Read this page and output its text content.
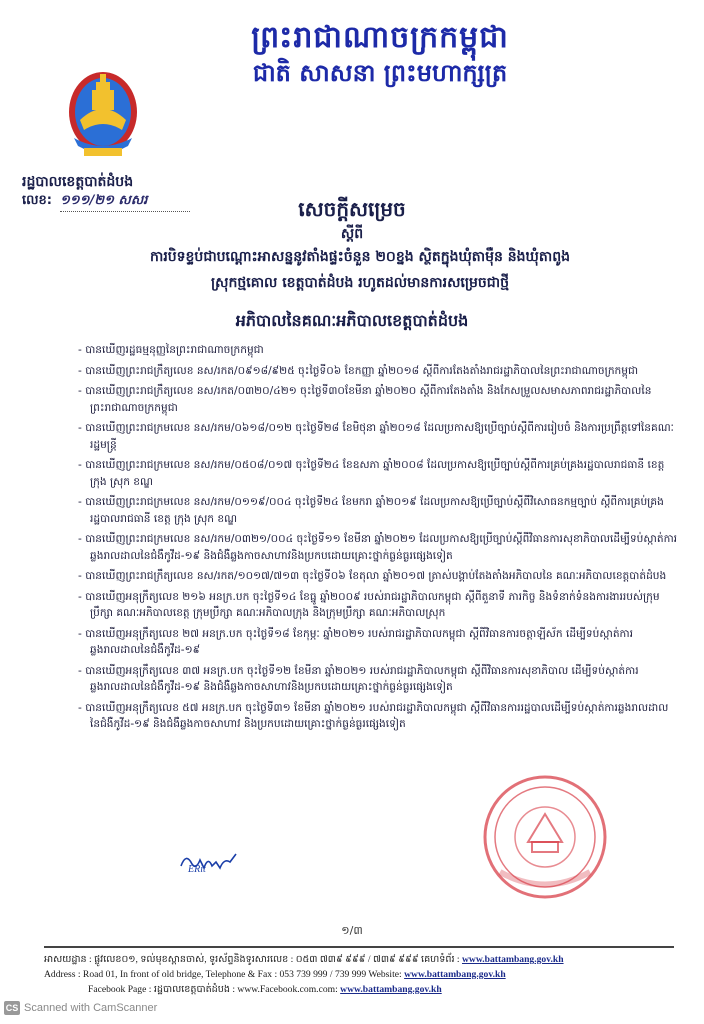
ព្រះរាជាណាចក្រកម្ពុជា
ជាតិ សាសនា ព្រះមហាក្សត្រ
រដ្ឋបាលខេត្តបាត់ដំបង
លេខ: ១១១/២១ សសរ	សេចក្តីសម្រេច
ស្តីពី
ការបិទខ្ទប់ជាបណ្ដោះអាសន្ននូវតាំងផ្ទះចំនួន ២០ខ្នង ស្ថិតក្នុងឃុំតាម៉ឺន និងឃុំតាពូង
ស្រុកថ្មគោល ខេត្តបាត់ដំបង រហូតដល់មានការសម្រេចជាថ្មី
អភិបាលនៃគណៈអភិបាលខេត្តបាត់ដំបង
- បានឃើញរដ្ឋធម្មនុញ្ញនៃព្រះរាជាណាចក្រកម្ពុជា
- បានឃើញព្រះរាជក្រឹត្យលេខ នស/រកត/០៩១៨/៩២៥ ចុះថ្ងៃទី០៦ ខែកញ្ញា ឆ្នាំ២០១៨ ស្តីពីការតែងតាំងរាជរដ្ឋាភិបាលនៃព្រះរាជាណាចក្រកម្ពុជា
- បានឃើញព្រះរាជក្រឹត្យលេខ នស/រកត/០៣២០/៤២១ ចុះថ្ងៃទី៣០ខែមីនា ឆ្នាំ២០២០ ស្តីពីការតែងតាំង និងកែសម្រួលសមាសភាពរាជរដ្ឋាភិបាលនៃព្រះរាជាណាចក្រកម្ពុជា
- បានឃើញព្រះរាជក្រមលេខ នស/រកម/០៦១៨/០១២ ចុះថ្ងៃទី២៨ ខែមិថុនា ឆ្នាំ២០១៨ ដែលប្រកាសឱ្យប្រើច្បាប់ស្តីពីការរៀបចំ និងការប្រព្រឹត្តទៅនៃគណៈរដ្ឋមន្ត្រី
- បានឃើញព្រះរាជក្រមលេខ នស/រកម/០៥០៨/០១៧ ចុះថ្ងៃទី២៤ ខែឧសភា ឆ្នាំ២០០៨ ដែលប្រកាសឱ្យប្រើច្បាប់ស្តីពីការគ្រប់គ្រងរដ្ឋបាលរាជធានី ខេត្ត ក្រុង ស្រុក ខណ្ឌ
- បានឃើញព្រះរាជក្រមលេខ នស/រកម/០១១៩/០០៤ ចុះថ្ងៃទី២៤ ខែមករា ឆ្នាំ២០១៩ ដែលប្រកាសឱ្យប្រើច្បាប់ស្តីពីវិសោធនកម្មច្បាប់ ស្តីពីការគ្រប់គ្រងរដ្ឋបាលរាជធានី ខេត្ត ក្រុង ស្រុក ខណ្ឌ
- បានឃើញព្រះរាជក្រមលេខ នស/រកម/០៣២១/០០៤ ចុះថ្ងៃទី១១ ខែមីនា ឆ្នាំ២០២១ ដែលប្រកាសឱ្យប្រើច្បាប់ស្តីពីវិធានការសុខាភិបាលដើម្បីទប់ស្កាត់ការឆ្លងរាលដាលនៃជំងឺកូវីដ-១៩ និងជំងឺឆ្លងកាចសាហាវនិងប្រកបដោយគ្រោះថ្នាក់ធ្ងន់ធ្ងរផ្សេងទៀត
- បានឃើញព្រះរាជក្រឹត្យលេខ នស/រកត/១០១៧/៧១៣ ចុះថ្ងៃទី០៦ ខែតុលា ឆ្នាំ២០១៧ ត្រាស់បង្គាប់តែងតាំងអភិបាលនៃ គណៈអភិបាលខេត្តបាត់ដំបង
- បានឃើញអនុក្រឹត្យលេខ ២១៦ អនក្រ.បក ចុះថ្ងៃទី១៤ ខែធ្នូ ឆ្នាំ២០០៩ របស់រាជរដ្ឋាភិបាលកម្ពុជា ស្តីពីតួនាទី ភារកិច្ច និងទំនាក់ទំនងការងាររបស់ក្រុមប្រឹក្សា គណៈអភិបាលខេត្ត ក្រុមប្រឹក្សា គណៈអភិបាលក្រុង និងក្រុមប្រឹក្សា គណៈអភិបាលស្រុក
- បានឃើញអនុក្រឹត្យលេខ ២៧ អនក្រ.បក ចុះថ្ងៃទី១៨ ខែកុម្ភៈ ឆ្នាំ២០២១ របស់រាជរដ្ឋាភិបាលកម្ពុជា ស្តីពីវិធានការចត្តាឡីស័ក ដើម្បីទប់ស្កាត់ការឆ្លងរាលដាលនៃជំងឺកូវីដ-១៩
- បានឃើញអនុក្រឹត្យលេខ ៣៧ អនក្រ.បក ចុះថ្ងៃទី១២ ខែមីនា ឆ្នាំ២០២១ របស់រាជរដ្ឋាភិបាលកម្ពុជា ស្តីពីវិធានការសុខាភិបាល ដើម្បីទប់ស្កាត់ការឆ្លងរាលដាលនៃជំងឺកូវីដ-១៩ និងជំងឺឆ្លងកាចសាហាវនិងប្រកបដោយគ្រោះថ្នាក់ធ្ងន់ធ្ងរផ្សេងទៀត
- បានឃើញអនុក្រឹត្យលេខ ៥៧ អនក្រ.បក ចុះថ្ងៃទី៣១ ខែមីនា ឆ្នាំ២០២១ របស់រាជរដ្ឋាភិបាលកម្ពុជា ស្តីពីវិធានការរដ្ឋបាលដើម្បីទប់ស្កាត់ការឆ្លងរាលដាលនៃជំងឺកូវីដ-១៩ និងជំងឺឆ្លងកាចសាហាវ និងប្រកបដោយគ្រោះថ្នាក់ធ្ងន់ធ្ងរផ្សេងទៀត
ERit
១/៣
អាសយដ្ឋាន : ផ្លូវលេខ០១, ទល់មុខស្ពានចាស់, ទូរស័ព្ទនិងទូរសារលេខ : ០៥៣ ៧៣៩ ៩៩៩ / ៧៣៩ ៩៩៩ គេហទំព័រ : www.battambang.gov.kh
Address : Road 01, In front of old bridge, Telephone & Fax : 053 739 999 / 739 999 Website: www.battambang.gov.kh
Facebook Page : រដ្ឋបាលខេត្តបាត់ដំបង : www.Facebook.com.com: www.battambang.gov.kh
CS Scanned with CamScanner
